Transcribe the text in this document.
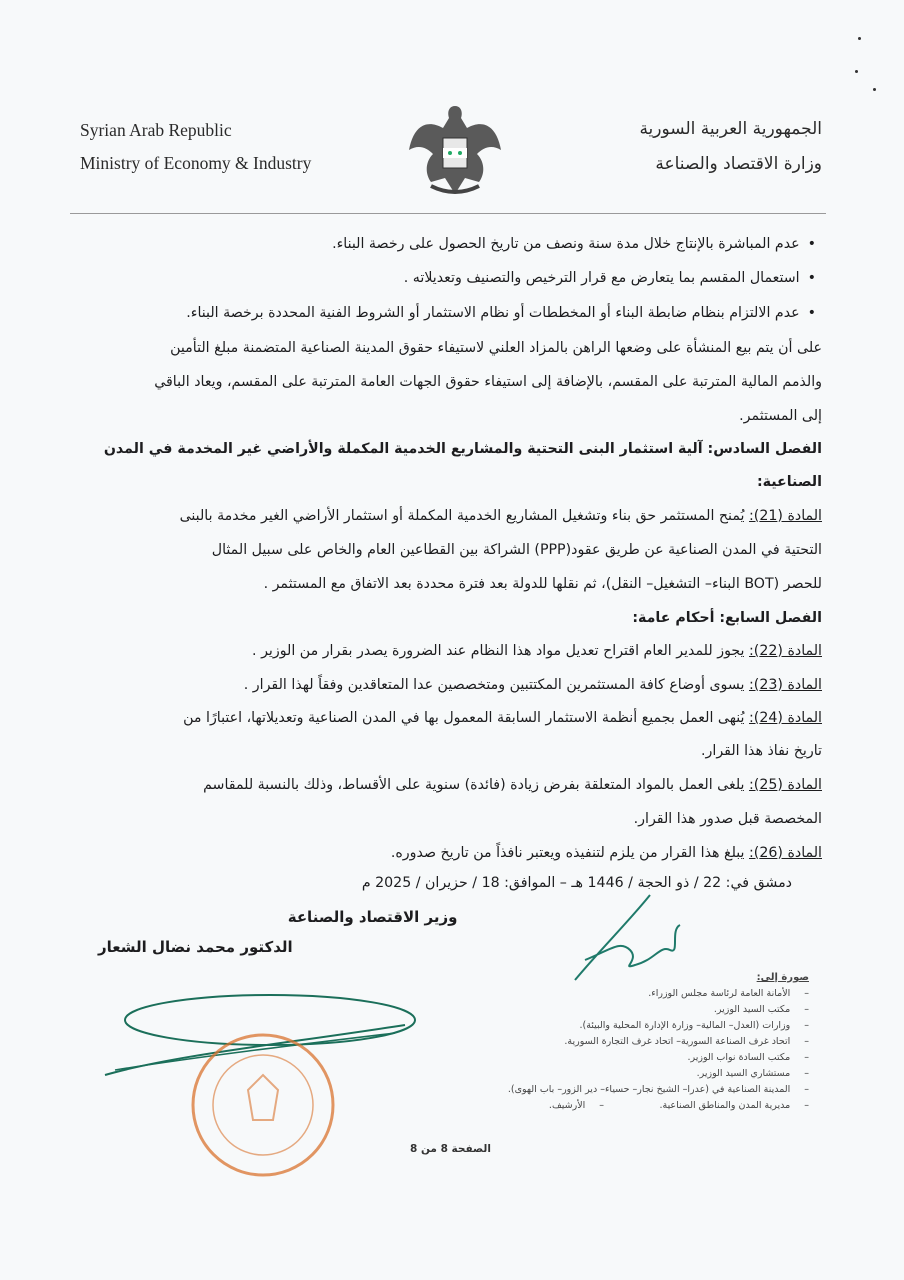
Syrian Arab Republic
Ministry of Economy & Industry
الجمهورية العربية السورية
وزارة الاقتصاد والصناعة
• عدم المباشرة بالإنتاج خلال مدة سنة ونصف من تاريخ الحصول على رخصة البناء.
• استعمال المقسم بما يتعارض مع قرار الترخيص والتصنيف وتعديلاته .
• عدم الالتزام بنظام ضابطة البناء أو المخططات أو نظام الاستثمار أو الشروط الفنية المحددة برخصة البناء.
على أن يتم بيع المنشأة على وضعها الراهن بالمزاد العلني لاستيفاء حقوق المدينة الصناعية المتضمنة مبلغ التأمين
والذمم المالية المترتبة على المقسم، بالإضافة إلى استيفاء حقوق الجهات العامة المترتبة على المقسم، ويعاد الباقي
إلى المستثمر.
الفصل السادس: آلية استثمار البنى التحتية والمشاريع الخدمية المكملة والأراضي غير المخدمة في المدن
الصناعية:
المادة (21): يُمنح المستثمر حق بناء وتشغيل المشاريع الخدمية المكملة أو استثمار الأراضي الغير مخدمة بالبنى
التحتية في المدن الصناعية عن طريق عقود(PPP) الشراكة بين القطاعين العام والخاص على سبيل المثال
للحصر (BOT البناء– التشغيل– النقل)، ثم نقلها للدولة بعد فترة محددة بعد الاتفاق مع المستثمر .
الفصل السابع: أحكام عامة:
المادة (22): يجوز للمدير العام اقتراح تعديل مواد هذا النظام عند الضرورة يصدر بقرار من الوزير .
المادة (23): يسوى أوضاع كافة المستثمرين المكتتبين ومتخصصين عدا المتعاقدين وفقاً لهذا القرار .
المادة (24): يُنهى العمل بجميع أنظمة الاستثمار السابقة المعمول بها في المدن الصناعية وتعديلاتها، اعتبارًا من
تاريخ نفاذ هذا القرار.
المادة (25): يلغى العمل بالمواد المتعلقة بفرض زيادة (فائدة) سنوية على الأقساط، وذلك بالنسبة للمقاسم
المخصصة قبل صدور هذا القرار.
المادة (26): يبلغ هذا القرار من يلزم لتنفيذه ويعتبر نافذاً من تاريخ صدوره.
دمشق في: 22 / ذو الحجة / 1446 هـ – الموافق: 18 / حزيران / 2025 م
وزير الاقتصاد والصناعة
الدكتور محمد نضال الشعار
صورة إلى:
– الأمانة العامة لرئاسة مجلس الوزراء.
– مكتب السيد الوزير.
– وزارات (العدل– المالية– وزارة الإدارة المحلية والبيئة).
– اتحاد غرف الصناعة السورية– اتحاد غرف التجارة السورية.
– مكتب السادة نواب الوزير.
– مستشاري السيد الوزير.
– المدينة الصناعية في (عدرا– الشيخ نجار– حسياء– دير الزور– باب الهوى).
– مديرية المدن والمناطق الصناعية.
– الأرشيف.
الصفحة 8 من 8
